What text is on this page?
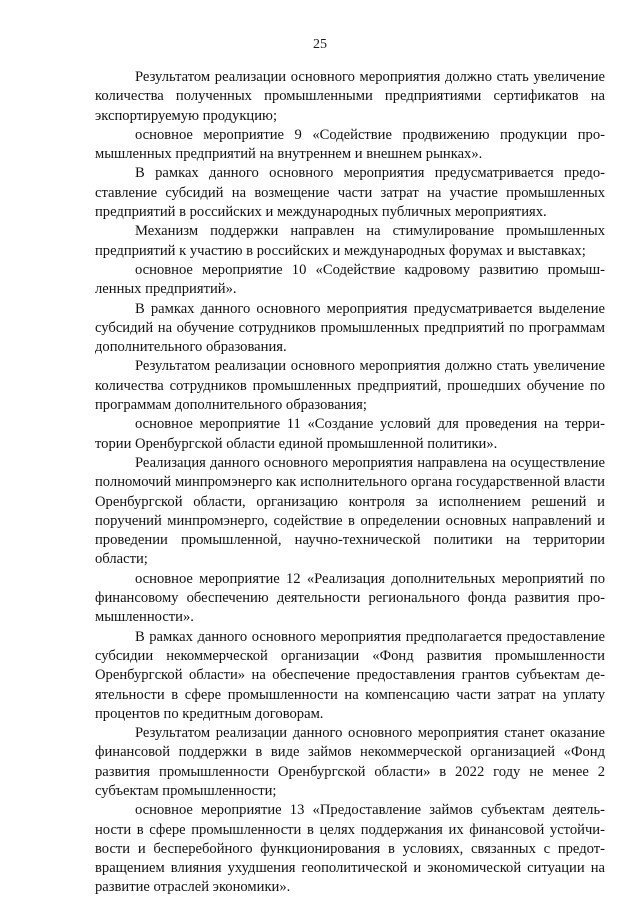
25

Результатом реализации основного мероприятия должно стать увеличение количества полученных промышленными предприятиями сертификатов на экспортируемую продукцию;

основное мероприятие 9 «Содействие продвижению продукции промышленных предприятий на внутреннем и внешнем рынках».

В рамках данного основного мероприятия предусматривается предоставление субсидий на возмещение части затрат на участие промышленных предприятий в российских и международных публичных мероприятиях.

Механизм поддержки направлен на стимулирование промышленных предприятий к участию в российских и международных форумах и выставках;

основное мероприятие 10 «Содействие кадровому развитию промышленных предприятий».

В рамках данного основного мероприятия предусматривается выделение субсидий на обучение сотрудников промышленных предприятий по программам дополнительного образования.

Результатом реализации основного мероприятия должно стать увеличение количества сотрудников промышленных предприятий, прошедших обучение по программам дополнительного образования;

основное мероприятие 11 «Создание условий для проведения на территории Оренбургской области единой промышленной политики».

Реализация данного основного мероприятия направлена на осуществление полномочий минпромэнерго как исполнительного органа государственной власти Оренбургской области, организацию контроля за исполнением решений и поручений минпромэнерго, содействие в определении основных направлений и проведении промышленной, научно-технической политики на территории области;

основное мероприятие 12 «Реализация дополнительных мероприятий по финансовому обеспечению деятельности регионального фонда развития промышленности».

В рамках данного основного мероприятия предполагается предоставление субсидии некоммерческой организации «Фонд развития промышленности Оренбургской области» на обеспечение предоставления грантов субъектам деятельности в сфере промышленности на компенсацию части затрат на уплату процентов по кредитным договорам.

Результатом реализации данного основного мероприятия станет оказание финансовой поддержки в виде займов некоммерческой организацией «Фонд развития промышленности Оренбургской области» в 2022 году не менее 2 субъектам промышленности;

основное мероприятие 13 «Предоставление займов субъектам деятельности в сфере промышленности в целях поддержания их финансовой устойчивости и бесперебойного функционирования в условиях, связанных с предотвращением влияния ухудшения геополитической и экономической ситуации на развитие отраслей экономики».
